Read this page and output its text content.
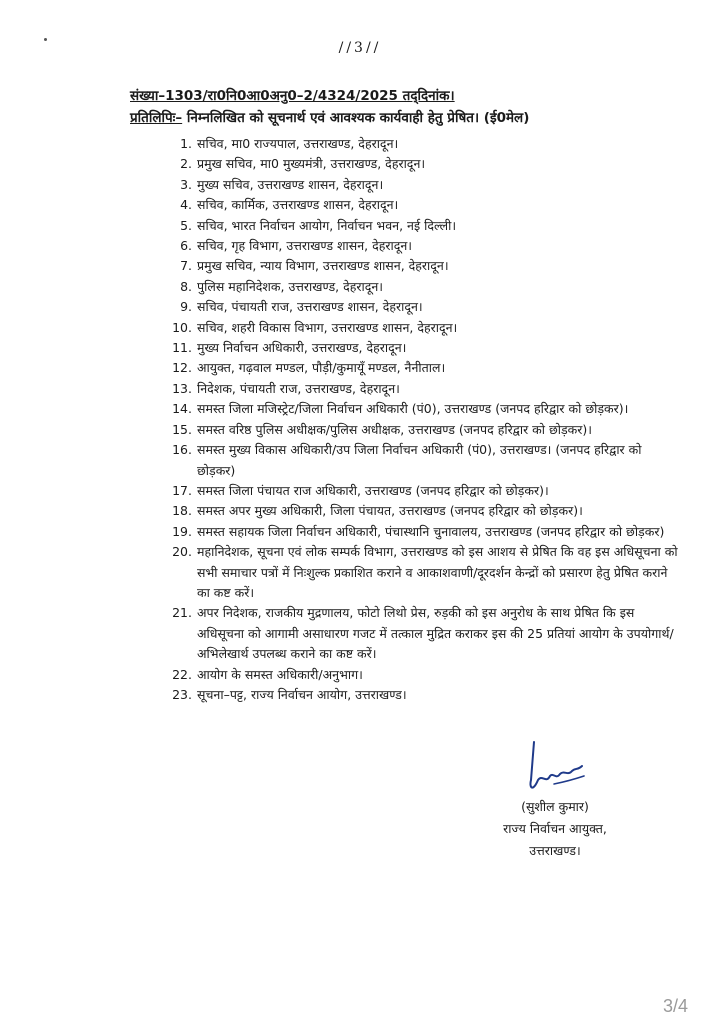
//3//
संख्या–1303/रा0नि0आ0अनु0–2/4324/2025 तद्‌दिनांक।
प्रतिलिपिः– निम्नलिखित को सूचनार्थ एवं आवश्यक कार्यवाही हेतु प्रेषित। (ई0मेल)
1. सचिव, मा0 राज्यपाल, उत्तराखण्ड, देहरादून।
2. प्रमुख सचिव, मा0 मुख्यमंत्री, उत्तराखण्ड, देहरादून।
3. मुख्य सचिव, उत्तराखण्ड शासन, देहरादून।
4. सचिव, कार्मिक, उत्तराखण्ड शासन, देहरादून।
5. सचिव, भारत निर्वाचन आयोग, निर्वाचन भवन, नई दिल्ली।
6. सचिव, गृह विभाग, उत्तराखण्ड शासन, देहरादून।
7. प्रमुख सचिव, न्याय विभाग, उत्तराखण्ड शासन, देहरादून।
8. पुलिस महानिदेशक, उत्तराखण्ड, देहरादून।
9. सचिव, पंचायती राज, उत्तराखण्ड शासन, देहरादून।
10. सचिव, शहरी विकास विभाग, उत्तराखण्ड शासन, देहरादून।
11. मुख्य निर्वाचन अधिकारी, उत्तराखण्ड, देहरादून।
12. आयुक्त, गढ़वाल मण्डल, पौड़ी/कुमायूँ मण्डल, नैनीताल।
13. निदेशक, पंचायती राज, उत्तराखण्ड, देहरादून।
14. समस्त जिला मजिस्ट्रेट/जिला निर्वाचन अधिकारी (पं0), उत्तराखण्ड (जनपद हरिद्वार को छोड़कर)।
15. समस्त वरिष्ठ पुलिस अधीक्षक/पुलिस अधीक्षक, उत्तराखण्ड (जनपद हरिद्वार को छोड़कर)।
16. समस्त मुख्य विकास अधिकारी/उप जिला निर्वाचन अधिकारी (पं0), उत्तराखण्ड। (जनपद हरिद्वार को छोड़कर)
17. समस्त जिला पंचायत राज अधिकारी, उत्तराखण्ड (जनपद हरिद्वार को छोड़कर)।
18. समस्त अपर मुख्य अधिकारी, जिला पंचायत, उत्तराखण्ड (जनपद हरिद्वार को छोड़कर)।
19. समस्त सहायक जिला निर्वाचन अधिकारी, पंचास्थानि चुनावालय, उत्तराखण्ड (जनपद हरिद्वार को छोड़कर)
20. महानिदेशक, सूचना एवं लोक सम्पर्क विभाग, उत्तराखण्ड को इस आशय से प्रेषित कि वह इस अधिसूचना को सभी समाचार पत्रों में निःशुल्क प्रकाशित कराने व आकाशवाणी/दूरदर्शन केन्द्रों को प्रसारण हेतु प्रेषित कराने का कष्ट करें।
21. अपर निदेशक, राजकीय मुद्रणालय, फोटो लिथो प्रेस, रुड़की को इस अनुरोध के साथ प्रेषित कि इस अधिसूचना को आगामी असाधारण गजट में तत्काल मुद्रित कराकर इस की 25 प्रतियां आयोग के उपयोगार्थ/अभिलेखार्थ उपलब्ध कराने का कष्ट करें।
22. आयोग के समस्त अधिकारी/अनुभाग।
23. सूचना–पट्ट, राज्य निर्वाचन आयोग, उत्तराखण्ड।
(सुशील कुमार)
राज्य निर्वाचन आयुक्त,
उत्तराखण्ड।
3/4
